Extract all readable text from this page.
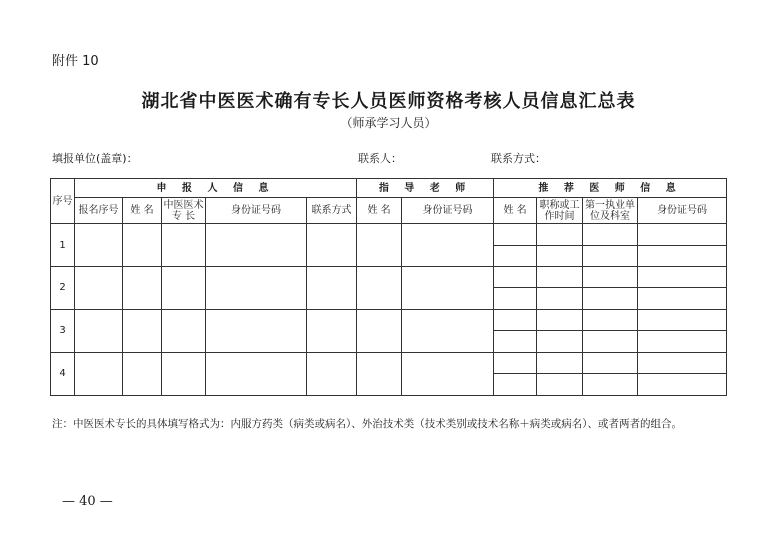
附件 10
湖北省中医医术确有专长人员医师资格考核人员信息汇总表
（师承学习人员）
填报单位(盖章)：	联系人：	联系方式：
序号	申 报 人 信 息					指 导 老 师		推 荐 医 师 信 息			
	报名序号	姓 名	中医医术专 长	身份证号码	联系方式	姓 名	身份证号码	姓 名	职称或工作时间	第一执业单位及科室	身份证号码
1											

2											

3											

4											

注：中医医术专长的具体填写格式为：内服方药类（病类或病名）、外治技术类（技术类别或技术名称＋病类或病名）、或者两者的组合。
— 40 —
